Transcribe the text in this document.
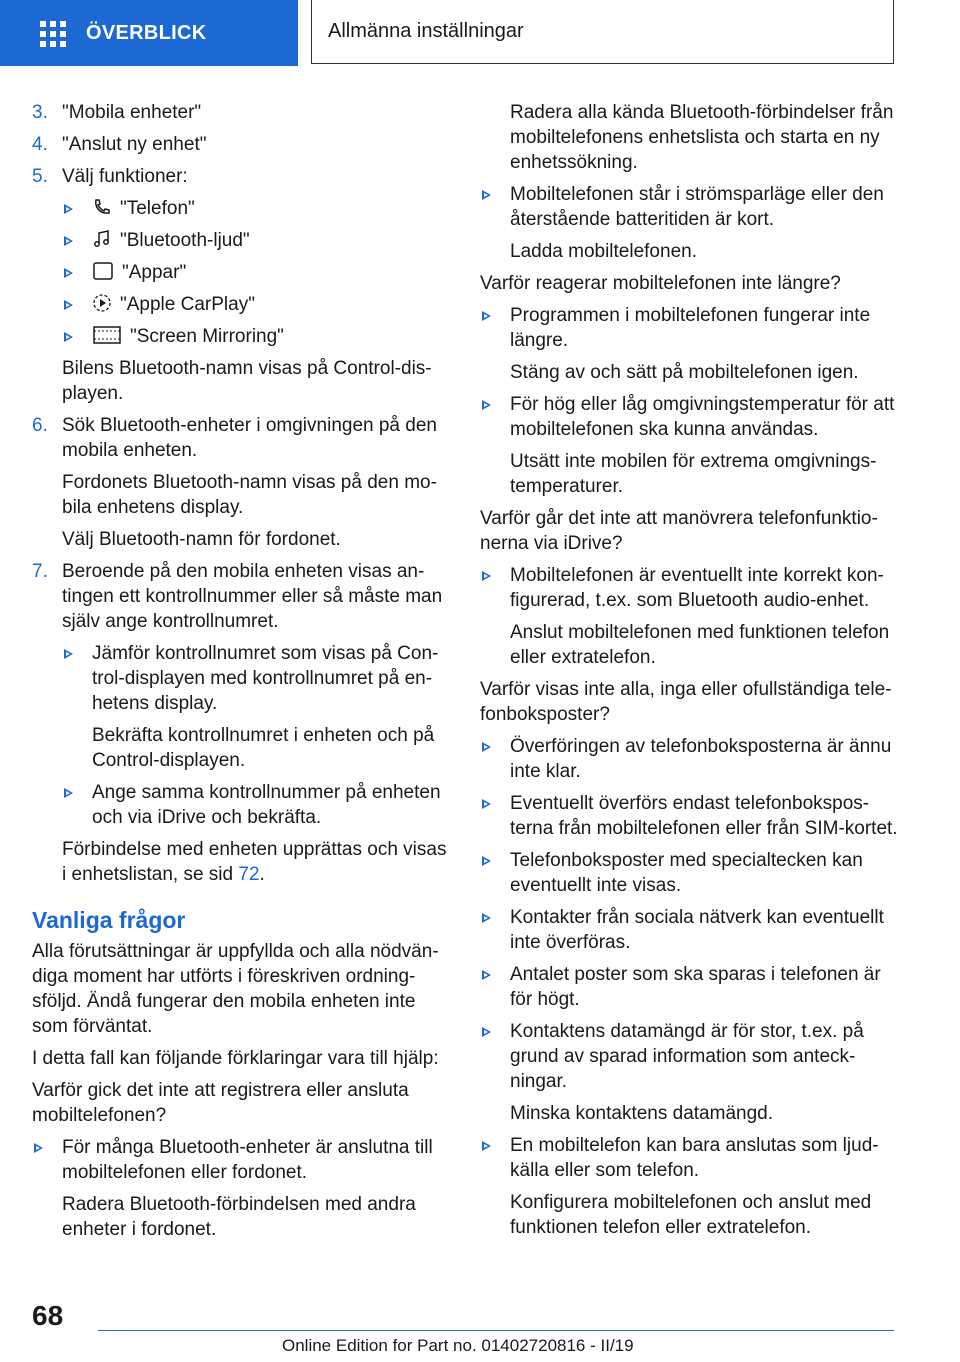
ÖVERBLICK	Allmänna inställningar
3. "Mobila enheter"
4. "Anslut ny enhet"
5. Välj funktioner:
"Telefon"
"Bluetooth-ljud"
"Appar"
"Apple CarPlay"
"Screen Mirroring"
Bilens Bluetooth-namn visas på Control-displayen.
6. Sök Bluetooth-enheter i omgivningen på den mobila enheten.
Fordonets Bluetooth-namn visas på den mobila enhetens display.
Välj Bluetooth-namn för fordonet.
7. Beroende på den mobila enheten visas antingen ett kontrollnummer eller så måste man själv ange kontrollnumret.
Jämför kontrollnumret som visas på Control-displayen med kontrollnumret på enhetens display.
Bekräfta kontrollnumret i enheten och på Control-displayen.
Ange samma kontrollnummer på enheten och via iDrive och bekräfta.
Förbindelse med enheten upprättas och visas i enhetslistan, se sid 72.
Vanliga frågor
Alla förutsättningar är uppfyllda och alla nödvändiga moment har utförts i föreskriven ordningsföljd. Ändå fungerar den mobila enheten inte som förväntat.
I detta fall kan följande förklaringar vara till hjälp:
Varför gick det inte att registrera eller ansluta mobiltelefonen?
För många Bluetooth-enheter är anslutna till mobiltelefonen eller fordonet.
Radera Bluetooth-förbindelsen med andra enheter i fordonet.
Radera alla kända Bluetooth-förbindelser från mobiltelefonens enhetslista och starta en ny enhetssökning.
Mobiltelefonen står i strömsparläge eller den återstående batteritiden är kort.
Ladda mobiltelefonen.
Varför reagerar mobiltelefonen inte längre?
Programmen i mobiltelefonen fungerar inte längre.
Stäng av och sätt på mobiltelefonen igen.
För hög eller låg omgivningstemperatur för att mobiltelefonen ska kunna användas.
Utsätt inte mobilen för extrema omgivningstemperaturer.
Varför går det inte att manövrera telefonfunktionerna via iDrive?
Mobiltelefonen är eventuellt inte korrekt konfigurerad, t.ex. som Bluetooth audio-enhet.
Anslut mobiltelefonen med funktionen telefon eller extratelefon.
Varför visas inte alla, inga eller ofullständiga telefonboksposter?
Överföringen av telefonboksposterna är ännu inte klar.
Eventuellt överförs endast telefonboksposterna från mobiltelefonen eller från SIM-kortet.
Telefonboksposter med specialtecken kan eventuellt inte visas.
Kontakter från sociala nätverk kan eventuellt inte överföras.
Antalet poster som ska sparas i telefonen är för högt.
Kontaktens datamängd är för stor, t.ex. på grund av sparad information som anteckningar.
Minska kontaktens datamängd.
En mobiltelefon kan bara anslutas som ljudkälla eller som telefon.
Konfigurera mobiltelefonen och anslut med funktionen telefon eller extratelefon.
68
Online Edition for Part no. 01402720816 - II/19
